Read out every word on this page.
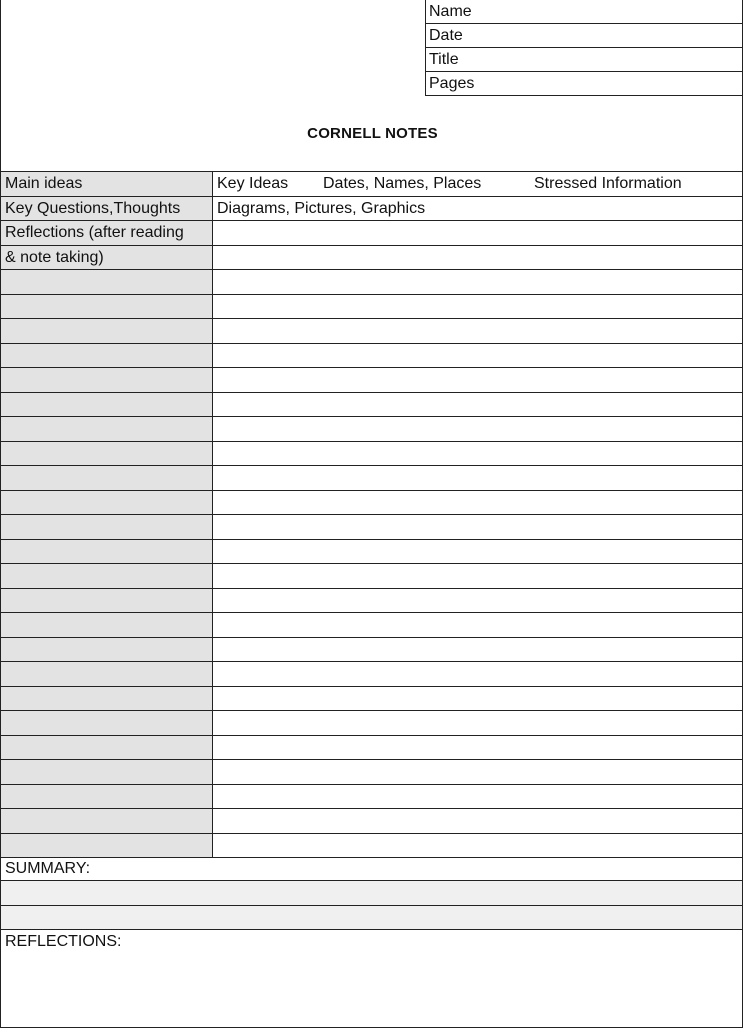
Name
Date
Title
Pages
CORNELL NOTES
Main ideas	Key Ideas Dates, Names, Places	Stressed Information
Key Questions,Thoughts	Diagrams, Pictures, Graphics
Reflections (after reading
& note taking)
SUMMARY:
REFLECTIONS:
